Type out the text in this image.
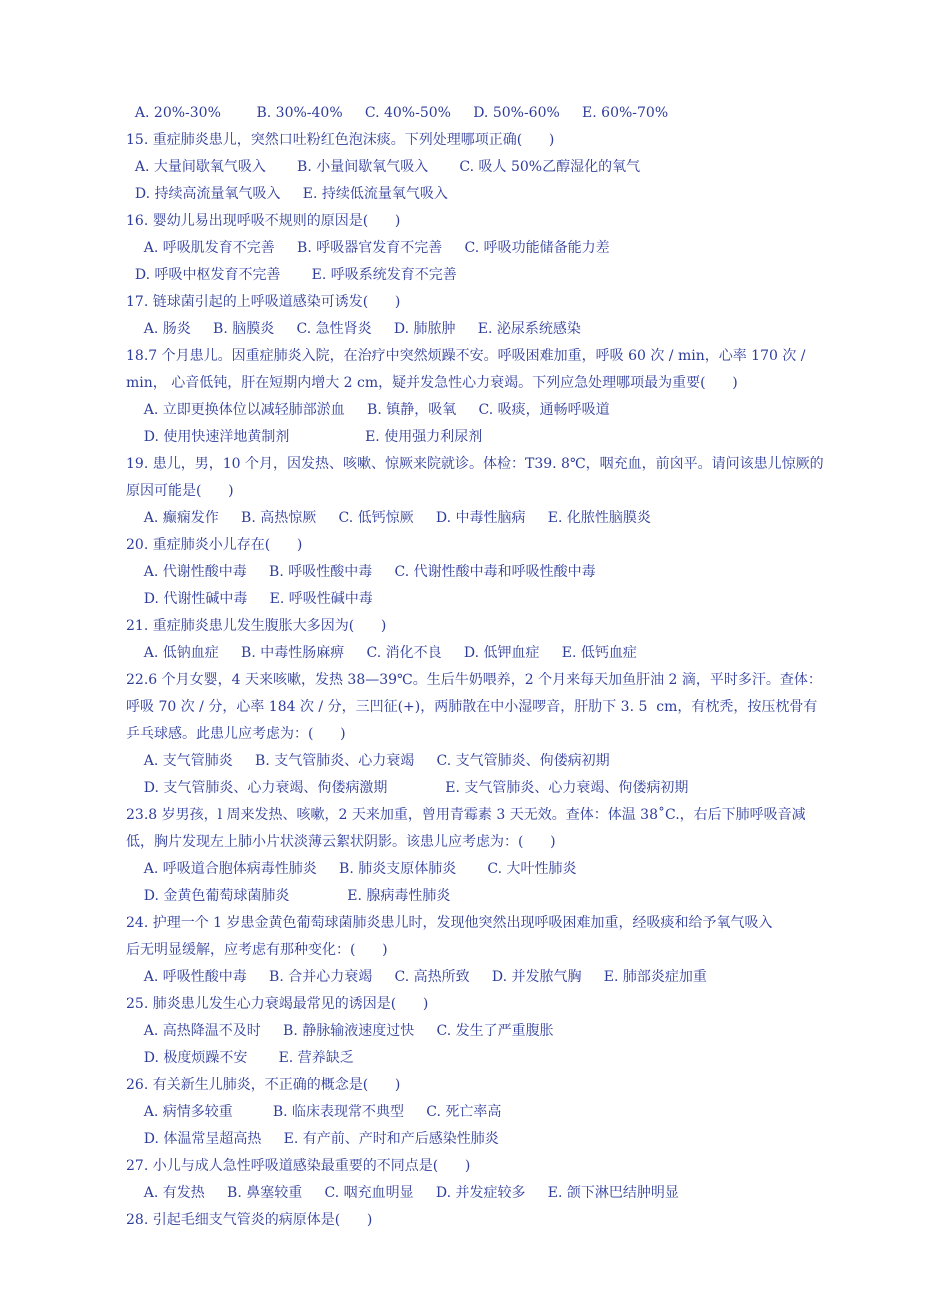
A. 20%-30%        B. 30%-40%     C. 40%-50%     D. 50%-60%     E. 60%-70%
15. 重症肺炎患儿，突然口吐粉红色泡沫痰。下列处理哪项正确(      )
A. 大量间歇氧气吸入       B. 小量间歇氧气吸入       C. 吸人 50%乙醇湿化的氧气
D. 持续高流量氧气吸入     E. 持续低流量氧气吸入
16. 婴幼儿易出现呼吸不规则的原因是(      )
A. 呼吸肌发育不完善     B. 呼吸器官发育不完善     C. 呼吸功能储备能力差
D. 呼吸中枢发育不完善       E. 呼吸系统发育不完善
17. 链球菌引起的上呼吸道感染可诱发(      )
A. 肠炎     B. 脑膜炎     C. 急性肾炎     D. 肺脓肿     E. 泌尿系统感染
18.7 个月患儿。因重症肺炎入院，在治疗中突然烦躁不安。呼吸困难加重，呼吸 60 次 / min，心率 170 次 /
min， 心音低钝，肝在短期内增大 2 cm，疑并发急性心力衰竭。下列应急处理哪项最为重要(      )
A. 立即更换体位以减轻肺部淤血     B. 镇静，吸氧     C. 吸痰，通畅呼吸道
D. 使用快速洋地黄制剂                 E. 使用强力利尿剂
19. 患儿，男，10 个月，因发热、咳嗽、惊厥来院就诊。体检：T39. 8℃，咽充血，前囟平。请问该患儿惊厥的
原因可能是(      )
A. 癫痫发作     B. 高热惊厥     C. 低钙惊厥     D. 中毒性脑病     E. 化脓性脑膜炎
20. 重症肺炎小儿存在(      )
A. 代谢性酸中毒     B. 呼吸性酸中毒     C. 代谢性酸中毒和呼吸性酸中毒
D. 代谢性碱中毒     E. 呼吸性碱中毒
21. 重症肺炎患儿发生腹胀大多因为(      )
A. 低钠血症     B. 中毒性肠麻痹     C. 消化不良     D. 低钾血症     E. 低钙血症
22.6 个月女婴，4 天来咳嗽，发热 38—39℃。生后牛奶喂养，2 个月来每天加鱼肝油 2 滴，平时多汗。查体：
呼吸 70 次 / 分，心率 184 次 / 分，三凹征(+)，两肺散在中小湿啰音，肝肋下 3. 5  cm，有枕秃，按压枕骨有
乒乓球感。此患儿应考虑为：(      )
A. 支气管肺炎     B. 支气管肺炎、心力衰竭     C. 支气管肺炎、佝偻病初期
D. 支气管肺炎、心力衰竭、佝偻病激期             E. 支气管肺炎、心力衰竭、佝偻病初期
23.8 岁男孩，l 周来发热、咳嗽，2 天来加重，曾用青霉素 3 天无效。查体：体温 38˚C.，右后下肺呼吸音减
低，胸片发现左上肺小片状淡薄云絮状阴影。该患儿应考虑为：(      )
A. 呼吸道合胞体病毒性肺炎     B. 肺炎支原体肺炎       C. 大叶性肺炎
D. 金黄色葡萄球菌肺炎             E. 腺病毒性肺炎
24. 护理一个 1 岁患金黄色葡萄球菌肺炎患儿时，发现他突然出现呼吸困难加重，经吸痰和给予氧气吸入
后无明显缓解，应考虑有那种变化：(      )
A. 呼吸性酸中毒     B. 合并心力衰竭     C. 高热所致     D. 并发脓气胸     E. 肺部炎症加重
25. 肺炎患儿发生心力衰竭最常见的诱因是(      )
A. 高热降温不及时     B. 静脉输液速度过快     C. 发生了严重腹胀
D. 极度烦躁不安       E. 营养缺乏
26. 有关新生儿肺炎，不正确的概念是(      )
A. 病情多较重         B. 临床表现常不典型     C. 死亡率高
D. 体温常呈超高热     E. 有产前、产时和产后感染性肺炎
27. 小儿与成人急性呼吸道感染最重要的不同点是(      )
A. 有发热     B. 鼻塞较重     C. 咽充血明显     D. 并发症较多     E. 颌下淋巴结肿明显
28. 引起毛细支气管炎的病原体是(      )
